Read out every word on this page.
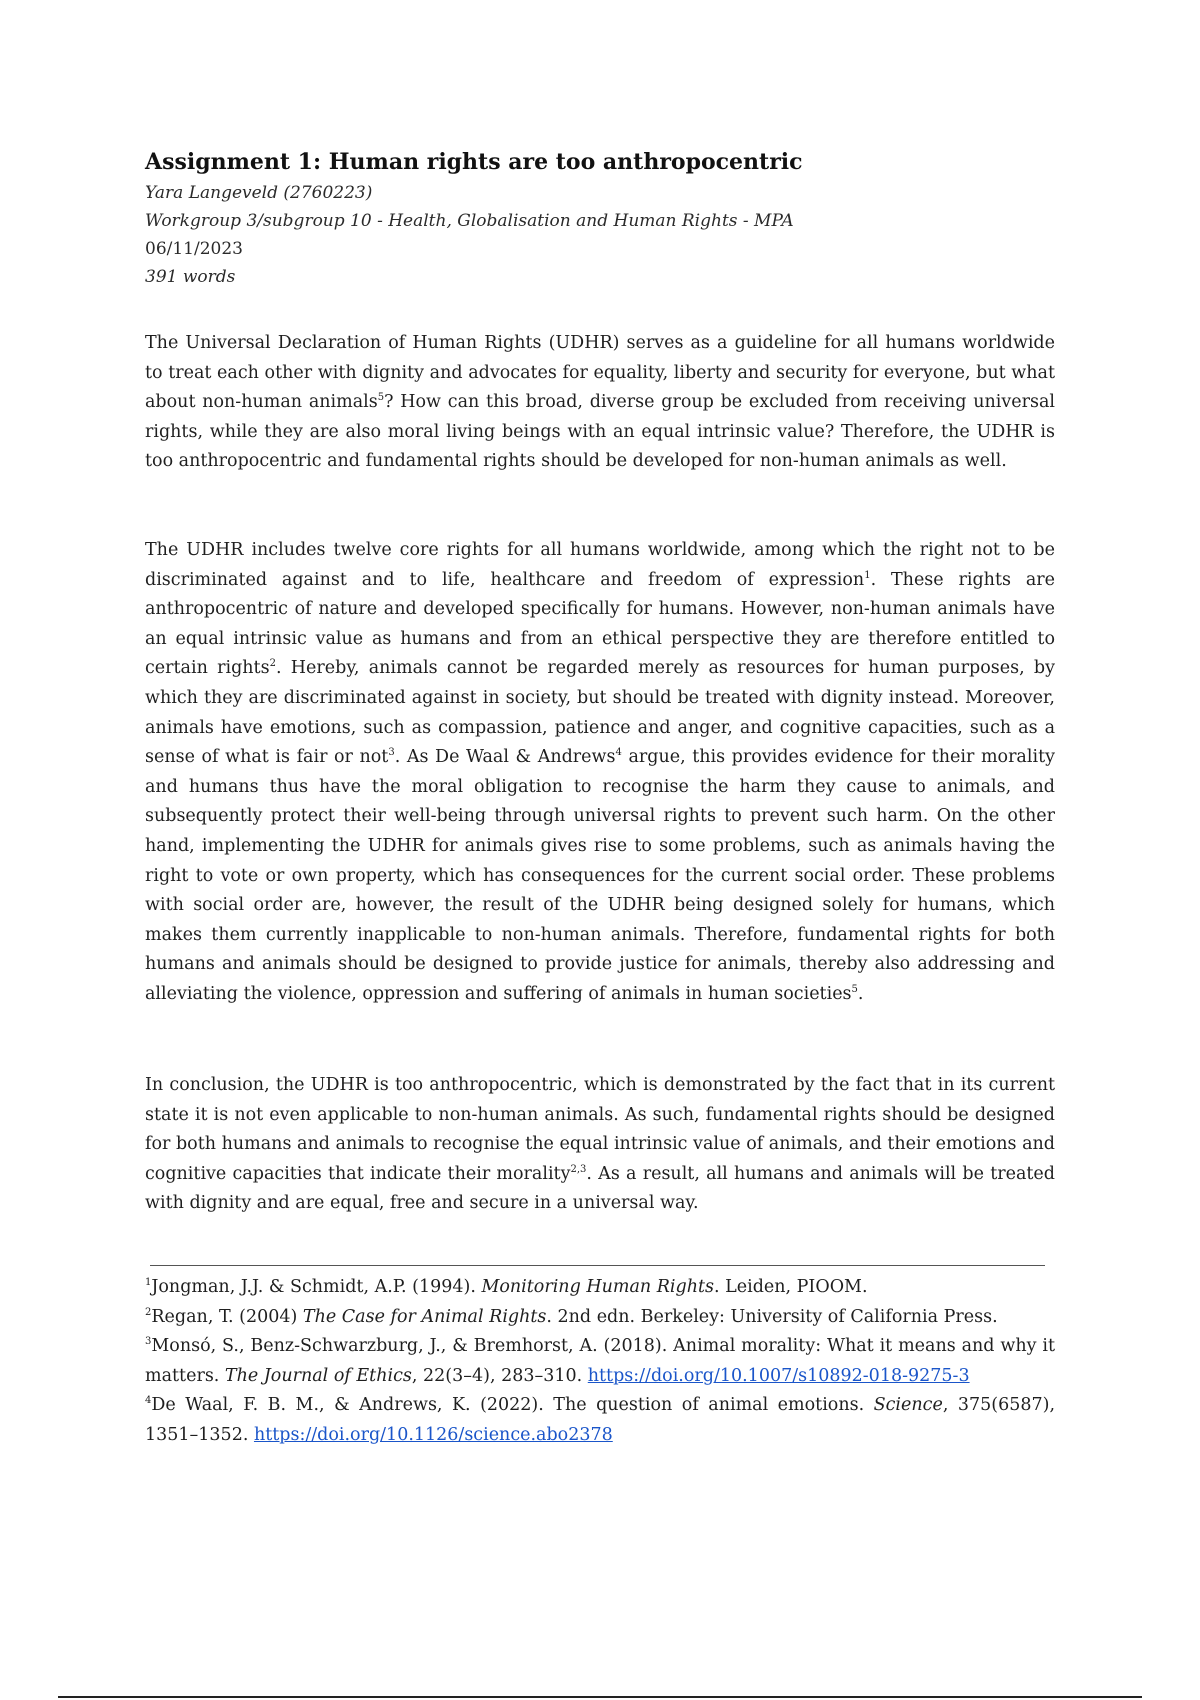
Assignment 1: Human rights are too anthropocentric
Yara Langeveld (2760223)
Workgroup 3/subgroup 10 - Health, Globalisation and Human Rights - MPA
06/11/2023
391 words

The Universal Declaration of Human Rights (UDHR) serves as a guideline for all humans worldwide to treat each other with dignity and advocates for equality, liberty and security for everyone, but what about non-human animals$^5$? How can this broad, diverse group be excluded from receiving universal rights, while they are also moral living beings with an equal intrinsic value? Therefore, the UDHR is too anthropocentric and fundamental rights should be developed for non-human animals as well.

The UDHR includes twelve core rights for all humans worldwide, among which the right not to be discriminated against and to life, healthcare and freedom of expression$^1$. These rights are anthropocentric of nature and developed specifically for humans. However, non-human animals have an equal intrinsic value as humans and from an ethical perspective they are therefore entitled to certain rights$^2$. Hereby, animals cannot be regarded merely as resources for human purposes, by which they are discriminated against in society, but should be treated with dignity instead. Moreover, animals have emotions, such as compassion, patience and anger, and cognitive capacities, such as a sense of what is fair or not$^3$. As De Waal & Andrews$^4$ argue, this provides evidence for their morality and humans thus have the moral obligation to recognise the harm they cause to animals, and subsequently protect their well-being through universal rights to prevent such harm. On the other hand, implementing the UDHR for animals gives rise to some problems, such as animals having the right to vote or own property, which has consequences for the current social order. These problems with social order are, however, the result of the UDHR being designed solely for humans, which makes them currently inapplicable to non-human animals. Therefore, fundamental rights for both humans and animals should be designed to provide justice for animals, thereby also addressing and alleviating the violence, oppression and suffering of animals in human societies$^5$.

In conclusion, the UDHR is too anthropocentric, which is demonstrated by the fact that in its current state it is not even applicable to non-human animals. As such, fundamental rights should be designed for both humans and animals to recognise the equal intrinsic value of animals, and their emotions and cognitive capacities that indicate their morality$^{2,3}$. As a result, all humans and animals will be treated with dignity and are equal, free and secure in a universal way.

$^1$Jongman, J.J. & Schmidt, A.P. (1994). Monitoring Human Rights. Leiden, PIOOM.

$^2$Regan, T. (2004) The Case for Animal Rights. 2nd edn. Berkeley: University of California Press.

$^3$Monsó, S., Benz-Schwarzburg, J., & Bremhorst, A. (2018). Animal morality: What it means and why it matters. The Journal of Ethics, 22(3–4), 283–310. https://doi.org/10.1007/s10892-018-9275-3

$^4$De Waal, F. B. M., & Andrews, K. (2022). The question of animal emotions. Science, 375(6587), 1351–1352. https://doi.org/10.1126/science.abo2378
